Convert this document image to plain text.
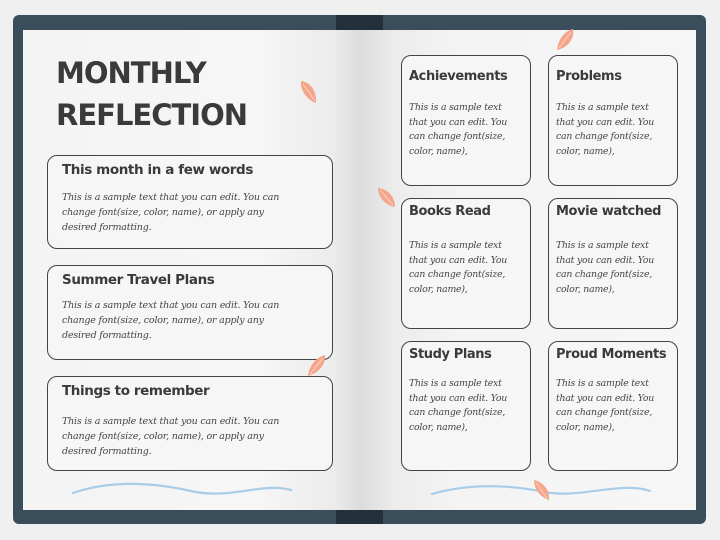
MONTHLY
REFLECTION
This month in a few words

This is a sample text that you can edit. You can change font(size, color, name), or apply any desired formatting.

Summer Travel Plans

This is a sample text that you can edit. You can change font(size, color, name), or apply any desired formatting.

Things to remember

This is a sample text that you can edit. You can change font(size, color, name), or apply any desired formatting.

Achievements

This is a sample text that you can edit. You can change font(size, color, name),

Problems

This is a sample text that you can edit. You can change font(size, color, name),

Books Read

This is a sample text that you can edit. You can change font(size, color, name),

Movie watched

This is a sample text that you can edit. You can change font(size, color, name),

Study Plans

This is a sample text that you can edit. You can change font(size, color, name),

Proud Moments

This is a sample text that you can edit. You can change font(size, color, name),
